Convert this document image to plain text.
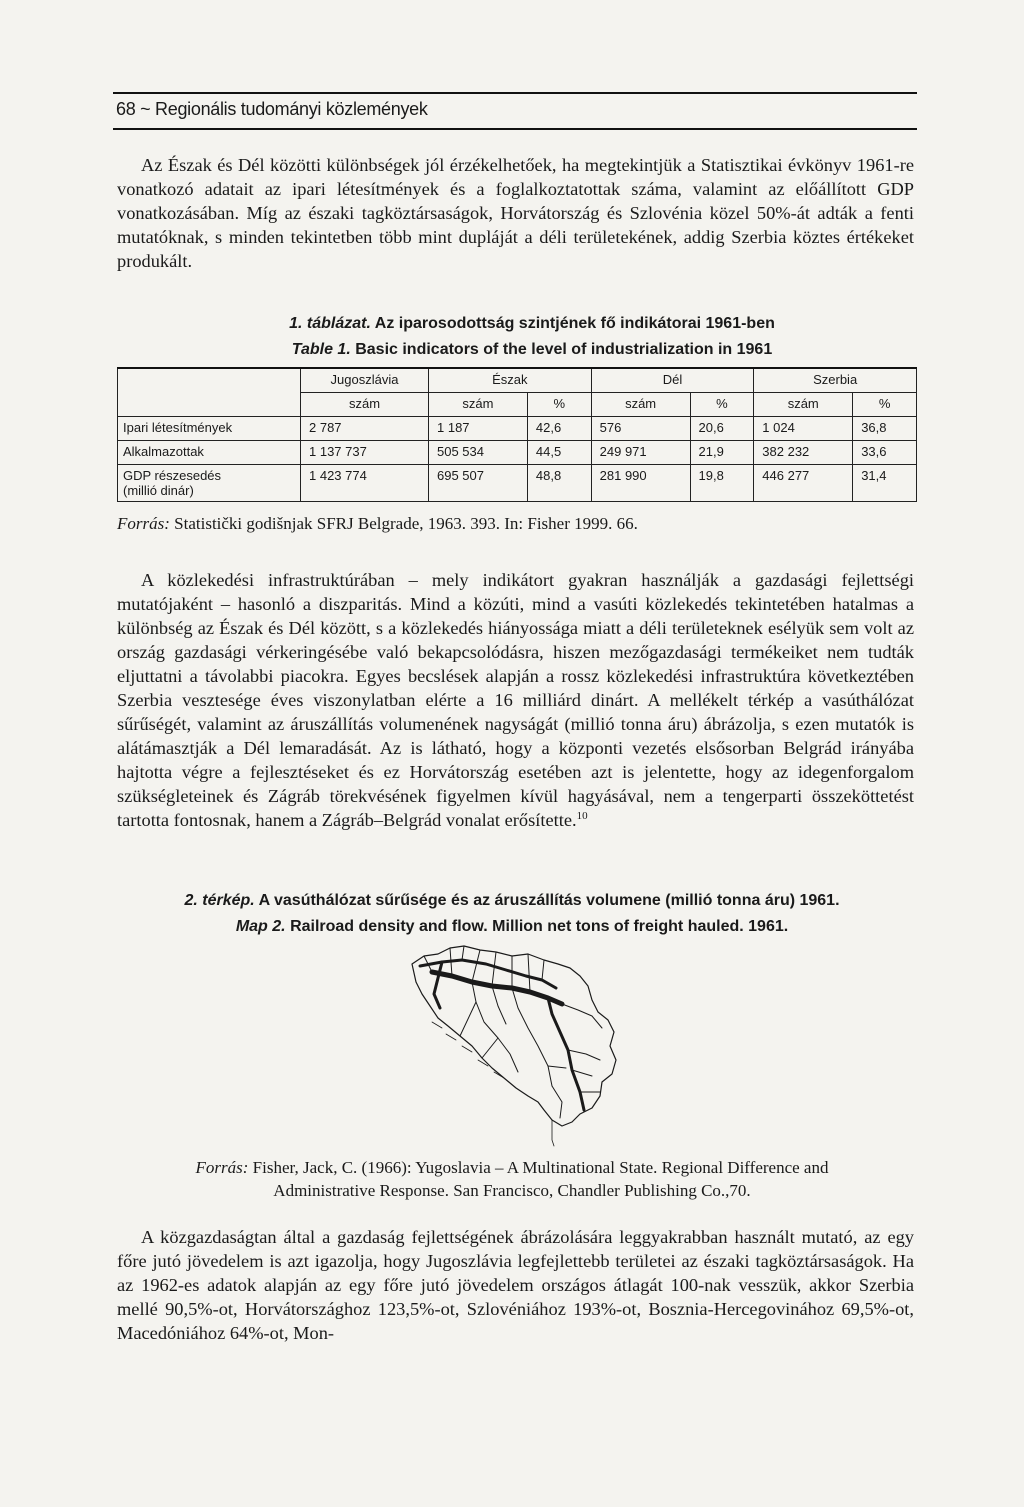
68 ~ Regionális tudományi közlemények

Az Észak és Dél közötti különbségek jól érzékelhetőek, ha megtekintjük a Statisztikai évkönyv 1961-re vonatkozó adatait az ipari létesítmények és a foglalkoztatottak száma, valamint az előállított GDP vonatkozásában. Míg az északi tagköztársaságok, Horvátország és Szlovénia közel 50%-át adták a fenti mutatóknak, s minden tekintetben több mint dupláját a déli területekének, addig Szerbia köztes értékeket produkált.

1. táblázat. Az iparosodottság szintjének fő indikátorai 1961-ben
Table 1. Basic indicators of the level of industrialization in 1961
	Jugoszlávia	Észak		Dél		Szerbia	
	szám	szám	%	szám	%	szám	%
Ipari létesítmények	2 787	1 187	42,6	576	20,6	1 024	36,8
Alkalmazottak	1 137 737	505 534	44,5	249 971	21,9	382 232	33,6
GDP részesedés
(millió dinár)	1 423 774	695 507	48,8	281 990	19,8	446 277	31,4
Forrás: Statistički godišnjak SFRJ Belgrade, 1963. 393. In: Fisher 1999. 66.

A közlekedési infrastruktúrában – mely indikátort gyakran használják a gazdasági fejlettségi mutatójaként – hasonló a diszparitás. Mind a közúti, mind a vasúti közlekedés tekintetében hatalmas a különbség az Észak és Dél között, s a közlekedés hiányossága miatt a déli területeknek esélyük sem volt az ország gazdasági vérkeringésébe való bekapcsolódásra, hiszen mezőgazdasági termékeiket nem tudták eljuttatni a távolabbi piacokra. Egyes becslések alapján a rossz közlekedési infrastruktúra következtében Szerbia vesztesége éves viszonylatban elérte a 16 milliárd dinárt. A mellékelt térkép a vasúthálózat sűrűségét, valamint az áruszállítás volumenének nagyságát (millió tonna áru) ábrázolja, s ezen mutatók is alátámasztják a Dél lemaradását. Az is látható, hogy a központi vezetés elsősorban Belgrád irányába hajtotta végre a fejlesztéseket és ez Horvátország esetében azt is jelentette, hogy az idegenforgalom szükségleteinek és Zágráb törekvésének figyelmen kívül hagyásával, nem a tengerparti összeköttetést tartotta fontosnak, hanem a Zágráb–Belgrád vonalat erősítette.$^{10}$

2. térkép. A vasúthálózat sűrűsége és az áruszállítás volumene (millió tonna áru) 1961.
Map 2. Railroad density and flow. Million net tons of freight hauled. 1961.
Forrás: Fisher, Jack, C. (1966): Yugoslavia – A Multinational State. Regional Difference and
Administrative Response. San Francisco, Chandler Publishing Co.,70.

A közgazdaságtan által a gazdaság fejlettségének ábrázolására leggyakrabban használt mutató, az egy főre jutó jövedelem is azt igazolja, hogy Jugoszlávia legfejlettebb területei az északi tagköztársaságok. Ha az 1962-es adatok alapján az egy főre jutó jövedelem országos átlagát 100-nak vesszük, akkor Szerbia mellé 90,5%-ot, Horvátországhoz 123,5%-ot, Szlovéniához 193%-ot, Bosznia-Hercegovinához 69,5%-ot, Macedóniához 64%-ot, Mon-
